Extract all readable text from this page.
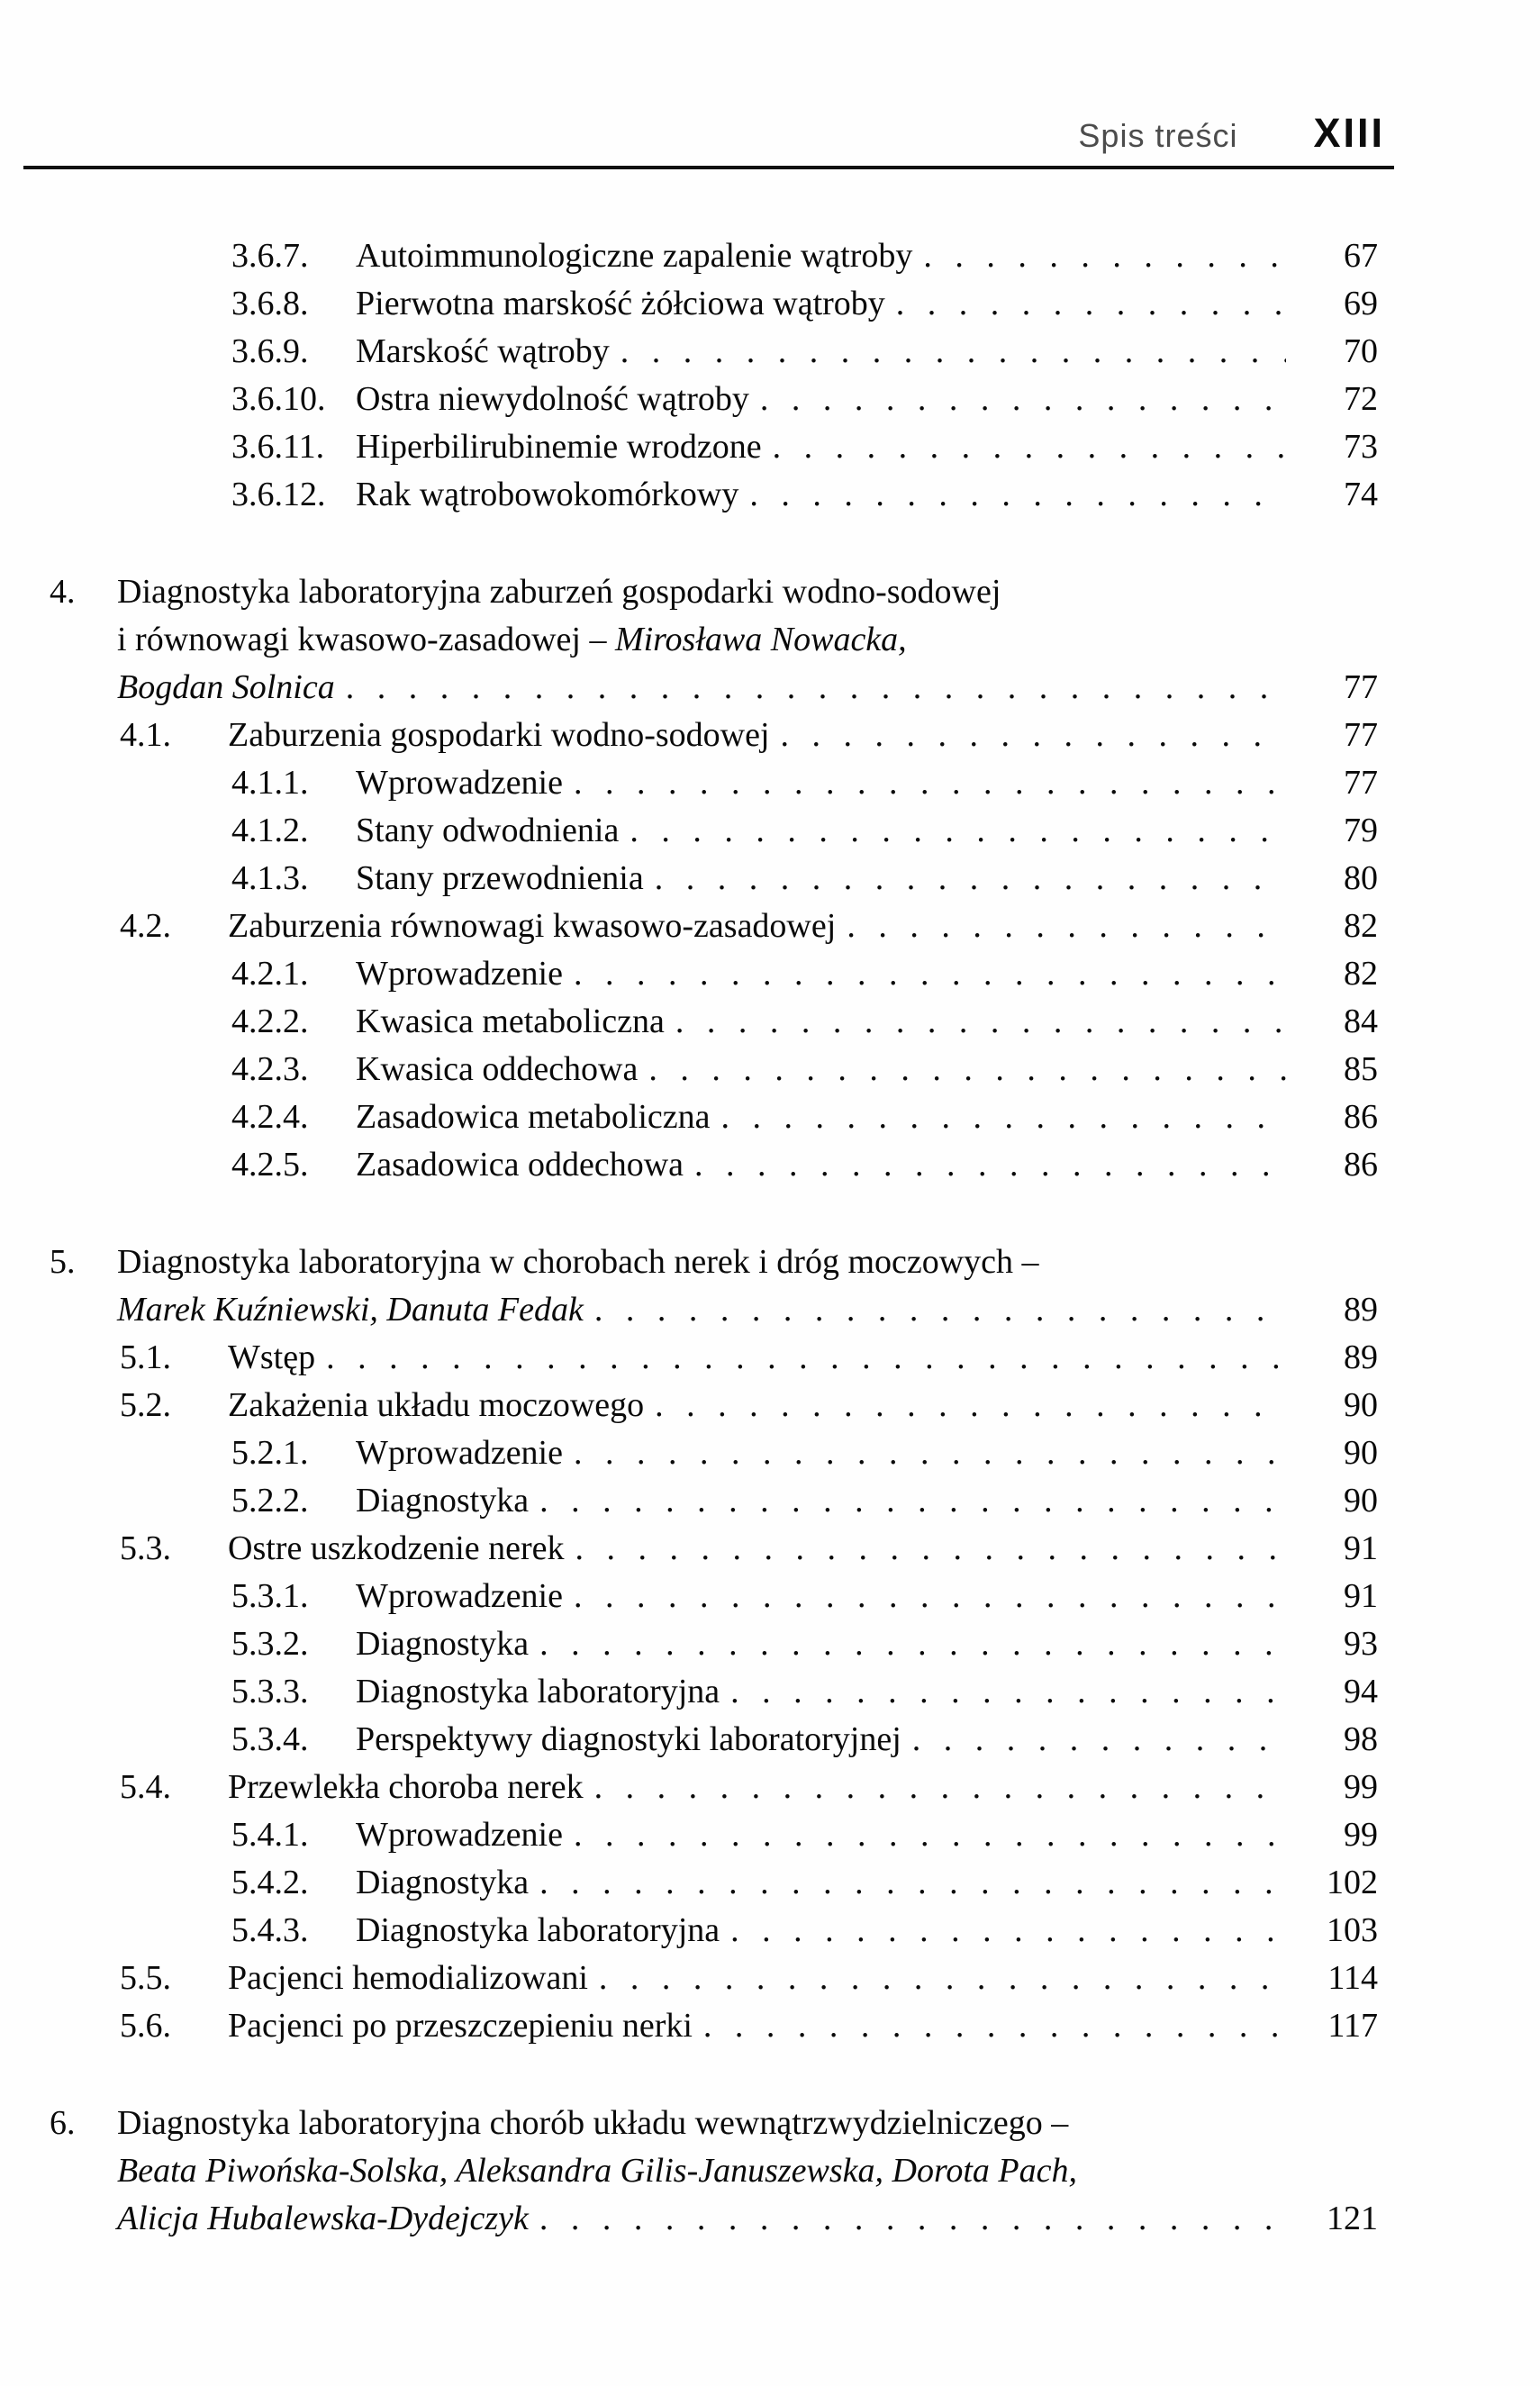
Spis treści XIII
3.6.7.	Autoimmunologiczne zapalenie wątroby . . .	67
3.6.8.	Pierwotna marskość żółciowa wątroby . . .	69
3.6.9.	Marskość wątroby . . .	70
3.6.10. Ostra niewydolność wątroby . . .	72
3.6.11. Hiperbilirubinemie wrodzone . . .	73
3.6.12. Rak wątrobowokomórkowy . . .	74
4.	Diagnostyka laboratoryjna zaburzeń gospodarki wodno-sodowej
i równowagi kwasowo-zasadowej – Mirosława Nowacka,
Bogdan Solnica . . .	77
4.1.	Zaburzenia gospodarki wodno-sodowej . . .	77
4.1.1.	Wprowadzenie . . .	77
4.1.2.	Stany odwodnienia . . .	79
4.1.3.	Stany przewodnienia . . .	80
4.2.	Zaburzenia równowagi kwasowo-zasadowej . . .	82
4.2.1.	Wprowadzenie . . .	82
4.2.2.	Kwasica metaboliczna . . .	84
4.2.3.	Kwasica oddechowa . . .	85
4.2.4.	Zasadowica metaboliczna . . .	86
4.2.5.	Zasadowica oddechowa . . .	86
5.	Diagnostyka laboratoryjna w chorobach nerek i dróg moczowych –
Marek Kuźniewski, Danuta Fedak . . .	89
5.1.	Wstęp . . .	89
5.2.	Zakażenia układu moczowego . . .	90
5.2.1.	Wprowadzenie . . .	90
5.2.2.	Diagnostyka . . .	90
5.3.	Ostre uszkodzenie nerek . . .	91
5.3.1.	Wprowadzenie . . .	91
5.3.2.	Diagnostyka . . .	93
5.3.3.	Diagnostyka laboratoryjna . . .	94
5.3.4.	Perspektywy diagnostyki laboratoryjnej . . .	98
5.4.	Przewlekła choroba nerek . . .	99
5.4.1.	Wprowadzenie . . .	99
5.4.2.	Diagnostyka . . .	102
5.4.3.	Diagnostyka laboratoryjna . . .	103
5.5.	Pacjenci hemodializowani . . .	114
5.6.	Pacjenci po przeszczepieniu nerki . . .	117
6.	Diagnostyka laboratoryjna chorób układu wewnątrzwydzielniczego –
Beata Piwońska-Solska, Aleksandra Gilis-Januszewska, Dorota Pach,
Alicja Hubalewska-Dydejczyk . . .	121
